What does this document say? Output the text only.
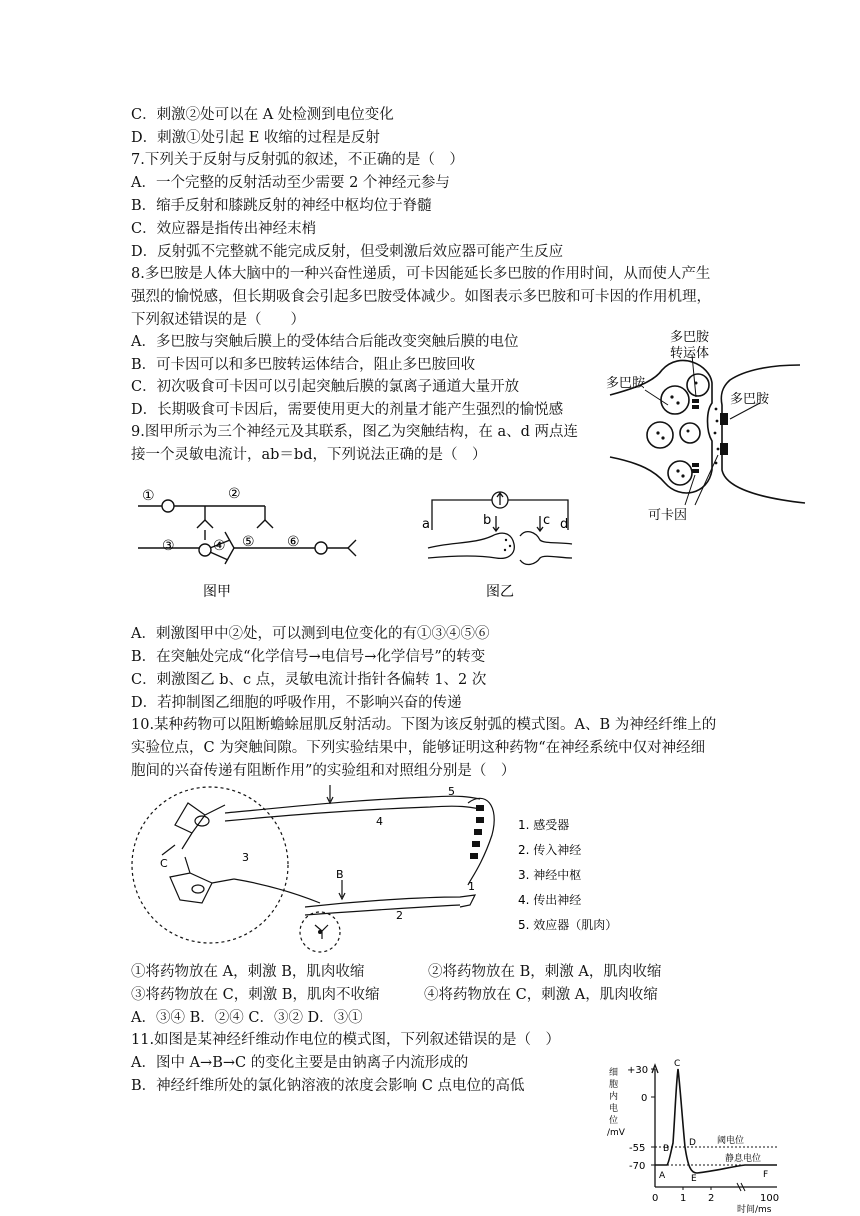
C．刺激②处可以在 A 处检测到电位变化
D．刺激①处引起 E 收缩的过程是反射
7.下列关于反射与反射弧的叙述，不正确的是（　）
A．一个完整的反射活动至少需要 2 个神经元参与
B．缩手反射和膝跳反射的神经中枢均位于脊髓
C．效应器是指传出神经末梢
D．反射弧不完整就不能完成反射，但受刺激后效应器可能产生反应
8.多巴胺是人体大脑中的一种兴奋性递质，可卡因能延长多巴胺的作用时间，从而使人产生
强烈的愉悦感，但长期吸食会引起多巴胺受体减少。如图表示多巴胺和可卡因的作用机理，
下列叙述错误的是（　　）
A．多巴胺与突触后膜上的受体结合后能改变突触后膜的电位
B．可卡因可以和多巴胺转运体结合，阻止多巴胺回收
C．初次吸食可卡因可以引起突触后膜的氯离子通道大量开放
D．长期吸食可卡因后，需要使用更大的剂量才能产生强烈的愉悦感
多巴胺
转运体
多巴胺
多巴胺
可卡因
9.图甲所示为三个神经元及其联系，图乙为突触结构，在 a、d 两点连
接一个灵敏电流计，ab＝bd，下列说法正确的是（　）
①	②
③	④ ⑤ ⑥
图甲
a	b	c d
图乙
A．刺激图甲中②处，可以测到电位变化的有①③④⑤⑥
B．在突触处完成“化学信号→电信号→化学信号”的转变
C．刺激图乙 b、c 点，灵敏电流计指针各偏转 1、2 次
D．若抑制图乙细胞的呼吸作用，不影响兴奋的传递
10.某种药物可以阻断蟾蜍屈肌反射活动。下图为该反射弧的模式图。A、B 为神经纤维上的
实验位点，C 为突触间隙。下列实验结果中，能够证明这种药物“在神经系统中仅对神经细
胞间的兴奋传递有阻断作用”的实验组和对照组分别是（　）
B
C
1
2
3
4
5
1. 感受器
2. 传入神经
3. 神经中枢
4. 传出神经
5. 效应器（肌肉）
①将药物放在 A，刺激 B，肌肉收缩	②将药物放在 B，刺激 A，肌肉收缩
③将药物放在 C，刺激 B，肌肉不收缩	④将药物放在 C，刺激 A，肌肉收缩
A．③④ B．②④ C．③② D．③①
11.如图是某神经纤维动作电位的模式图，下列叙述错误的是（　）
A．图中 A→B→C 的变化主要是由钠离子内流形成的
B．神经纤维所处的氯化钠溶液的浓度会影响 C 点电位的高低
细
胞
内
电
位
/mV
+30
0
-55
-70
0 1 2	100
时间/ms
A
B
C
D
E	F
阈电位
静息电位
